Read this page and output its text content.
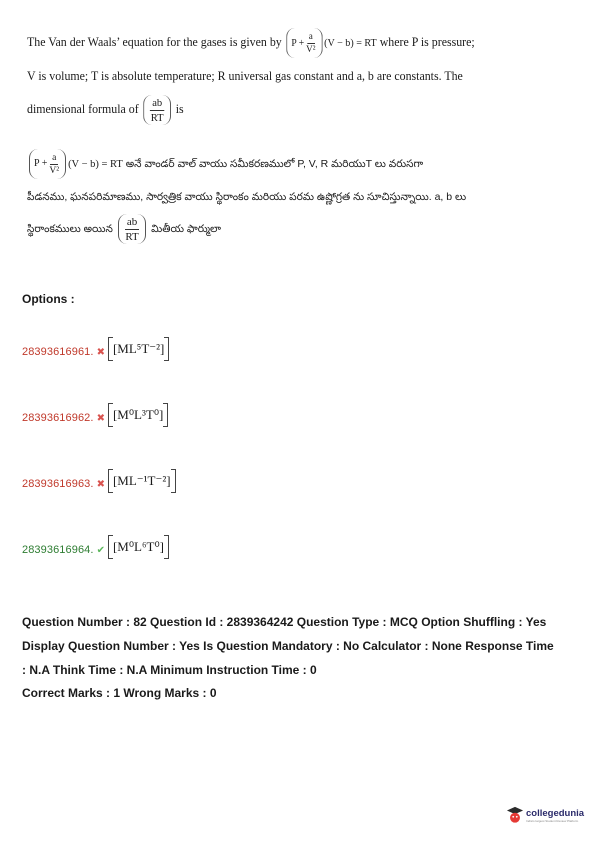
The Van der Waals’ equation for the gases is given by $P + \frac{a}{\text{V²}} (V - b)$ = RT where P is pressure;
V is volume; T is absolute temperature; R universal gas constant and a, b are constants. The
dimensional formula of $\frac{ab}{RT}$ is
$P + \frac{a}{\text{V²}} (V - b)$ = RT అనే వాండర్ వాల్ వాయు సమీకరణములో P, V, R మరియుT లు వరుసగా
పీడనము, ఘనపరిమాణము, సార్వత్రిక వాయు స్థిరాంకం మరియు పరమ ఉష్ణోగ్రత ను సూచిస్తున్నాయి. a, b లు
స్థిరాంకములు అయిన $\frac{ab}{RT}$ మితీయ ఫార్ములా
Options :
28393616961. ✖ [ML⁵T⁻²]
28393616962. ✖ [M⁰L³T⁰]
28393616963. ✖ [ML⁻¹T⁻²]
28393616964. ✔ [M⁰L⁶T⁰]
Question Number : 82 Question Id : 2839364242 Question Type : MCQ Option Shuffling : Yes
Display Question Number : Yes Is Question Mandatory : No Calculator : None Response Time
: N.A Think Time : N.A Minimum Instruction Time : 0
Correct Marks : 1 Wrong Marks : 0
collegedunia
India's largest Student Review Platform
